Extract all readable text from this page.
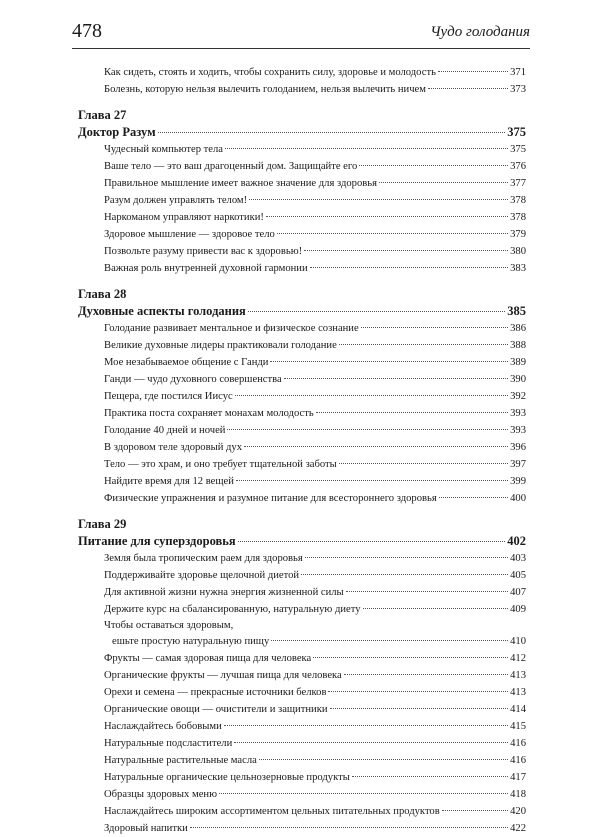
478	Чудо голодания
Как сидеть, стоять и ходить, чтобы сохранить силу, здоровье и молодость	371
Болезнь, которую нельзя вылечить голоданием, нельзя вылечить ничем	373
Глава 27
Доктор Разум	375
Чудесный компьютер тела	375
Ваше тело — это ваш драгоценный дом. Защищайте его	376
Правильное мышление имеет важное значение для здоровья	377
Разум должен управлять телом!	378
Наркоманом управляют наркотики!	378
Здоровое мышление — здоровое тело	379
Позвольте разуму привести вас к здоровью!	380
Важная роль внутренней духовной гармонии	383
Глава 28
Духовные аспекты голодания	385
Голодание развивает ментальное и физическое сознание	386
Великие духовные лидеры практиковали голодание	388
Мое незабываемое общение с Ганди	389
Ганди — чудо духовного совершенства	390
Пещера, где постился Иисус	392
Практика поста сохраняет монахам молодость	393
Голодание 40 дней и ночей	393
В здоровом теле здоровый дух	396
Тело — это храм, и оно требует тщательной заботы	397
Найдите время для 12 вещей	399
Физические упражнения и разумное питание для всестороннего здоровья	400
Глава 29
Питание для суперздоровья	402
Земля была тропическим раем для здоровья	403
Поддерживайте здоровье щелочной диетой	405
Для активной жизни нужна энергия жизненной силы	407
Держите курс на сбалансированную, натуральную диету	409
Чтобы оставаться здоровым,
ешьте простую натуральную пищу	410
Фрукты — самая здоровая пища для человека	412
Органические фрукты — лучшая пища для человека	413
Орехи и семена — прекрасные источники белков	413
Органические овощи — очистители и защитники	414
Наслаждайтесь бобовыми	415
Натуральные подсластители	416
Натуральные растительные масла	416
Натуральные органические цельнозерновые продукты	417
Образцы здоровых меню	418
Наслаждайтесь широким ассортиментом цельных питательных продуктов	420
Здоровый напитки	422
